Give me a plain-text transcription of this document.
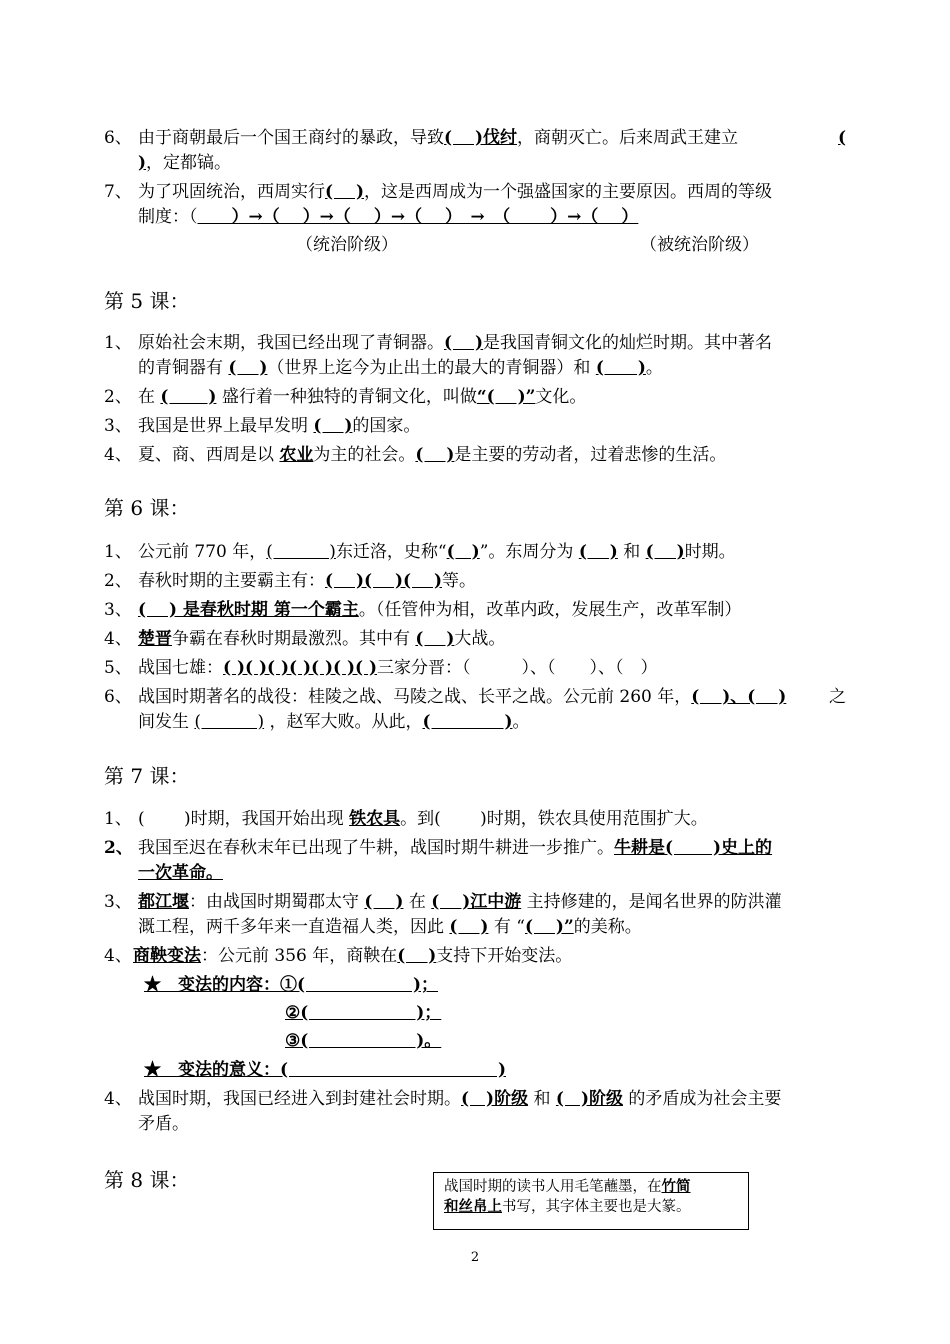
6、 由于商朝最后一个国王商纣的暴政，导致(　 )伐纣，商朝灭亡。后来周武王建立	(
)，定都镐。
7、 为了巩固统治，西周实行(　 )，这是西周成为一个强盛国家的主要原因。西周的等级
制度：（　　）→（　 ）→（　 ）→（　 ）　→　（　　 ）→（　 ）
（统治阶级）	（被统治阶级）
第 5 课：
1、 原始社会末期，我国已经出现了青铜器。(　 )是我国青铜文化的灿烂时期。其中著名
的青铜器有 (　 )（世界上迄今为止出土的最大的青铜器）和 (　　)。
2、 在 (　　 ) 盛行着一种独特的青铜文化，叫做“(　 )”文化。
3、 我国是世界上最早发明 (　 )的国家。
4、 夏、商、西周是以 农业为主的社会。(　 )是主要的劳动者，过着悲惨的生活。
第 6 课：
1、 公元前 770 年，(　　　 )东迁洛，史称“(　)”。东周分为 (　 ) 和 (　 )时期。
2、 春秋时期的主要霸主有：(　 )(　 )(　 )等。
3、 (　 ) 是春秋时期 第一个霸主。（任管仲为相，改革内政，发展生产，改革军制）
4、 楚晋争霸在春秋时期最激烈。其中有 (　 )大战。
5、 战国七雄：( )( )( )( )( )( )( )三家分晋：（　　　）、（　　）、（　）
6、 战国时期著名的战役：桂陵之战、马陵之战、长平之战。公元前 260 年，(　 )、(　 )	之
间发生 (　　　 ) ，赵军大败。从此，(　　　　 )。
第 7 课：
1、 (　　 )时期，我国开始出现 铁农具。到(　　 )时期，铁农具使用范围扩大。
2、 我国至迟在春秋末年已出现了牛耕，战国时期牛耕进一步推广。牛耕是(　　 )史上的
一次革命。
3、 都江堰：由战国时期蜀郡太守 (　 ) 在 (　 )江中游 主持修建的，是闻名世界的防洪灌
溉工程，两千多年来一直造福人类，因此 (　 ) 有 “(　 )”的美称。
4、 商鞅变法：公元前 356 年，商鞅在(　 )支持下开始变法。
★　变法的内容：①(　　　　　　 )；
②(　　　　　　 )；
③(　　　　　　 )。
★　变法的意义：(　　　　　　　　　　　　 )
4、 战国时期，我国已经进入到封建社会时期。(　)阶级 和 (　)阶级 的矛盾成为社会主要
矛盾。
第 8 课：	战国时期的读书人用毛笔蘸墨，在竹简
和丝帛上书写，其字体主要也是大篆。
2
